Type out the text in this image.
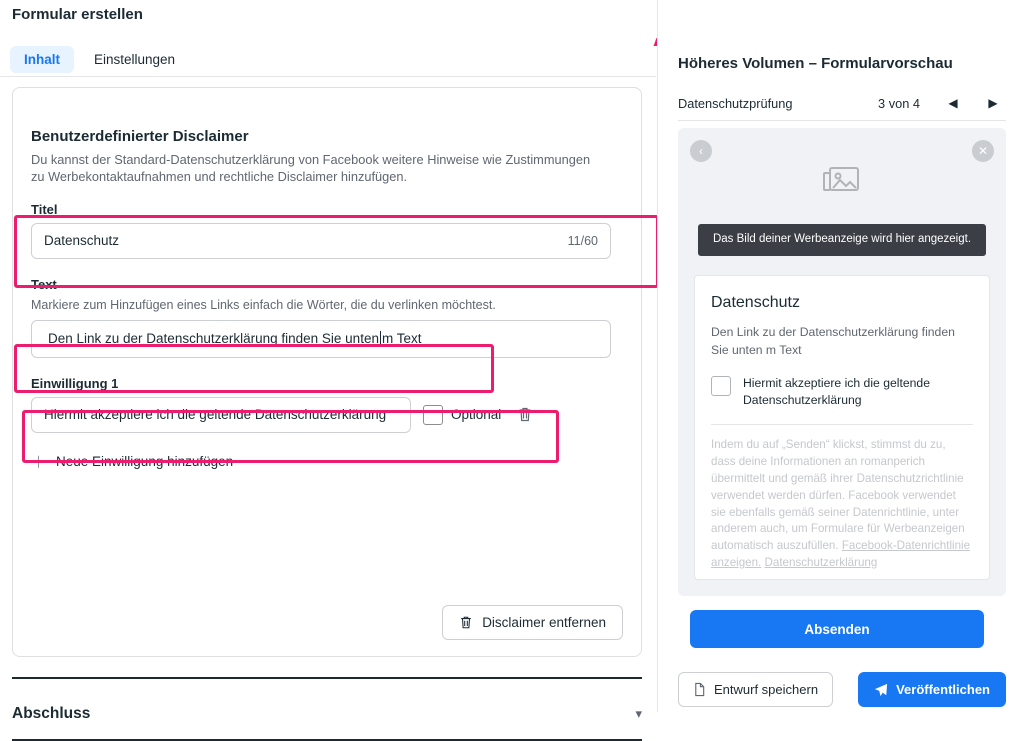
Formular erstellen
Inhalt	Einstellungen
Benutzerdefinierter Disclaimer
Du kannst der Standard-Datenschutzerklärung von Facebook weitere Hinweise wie Zustimmungen zu Werbekontaktaufnahmen und rechtliche Disclaimer hinzufügen.
Titel
Datenschutz	11/60
Text
Markiere zum Hinzufügen eines Links einfach die Wörter, die du verlinken möchtest.
Den Link zu der Datenschutzerklärung finden Sie unten m Text
Einwilligung 1
Hiermit akzeptiere ich die geltende Datenschutzerklärung	Optional
＋ Neue Einwilligung hinzufügen
Disclaimer entfernen
Abschluss	▾
Höheres Volumen – Formularvorschau
Datenschutzprüfung	3 von 4	◀	▶
‹	✕
Das Bild deiner Werbeanzeige wird hier angezeigt.
Datenschutz
Den Link zu der Datenschutzerklärung finden Sie unten m Text
Hiermit akzeptiere ich die geltende Datenschutzerklärung
Indem du auf „Senden“ klickst, stimmst du zu, dass deine Informationen an romanperich übermittelt und gemäß ihrer Datenschutzrichtlinie verwendet werden dürfen. Facebook verwendet sie ebenfalls gemäß seiner Datenrichtlinie, unter anderem auch, um Formulare für Werbeanzeigen automatisch auszufüllen. Facebook-Datenrichtlinie anzeigen. Datenschutzerklärung
Absenden
Entwurf speichern	Veröffentlichen
